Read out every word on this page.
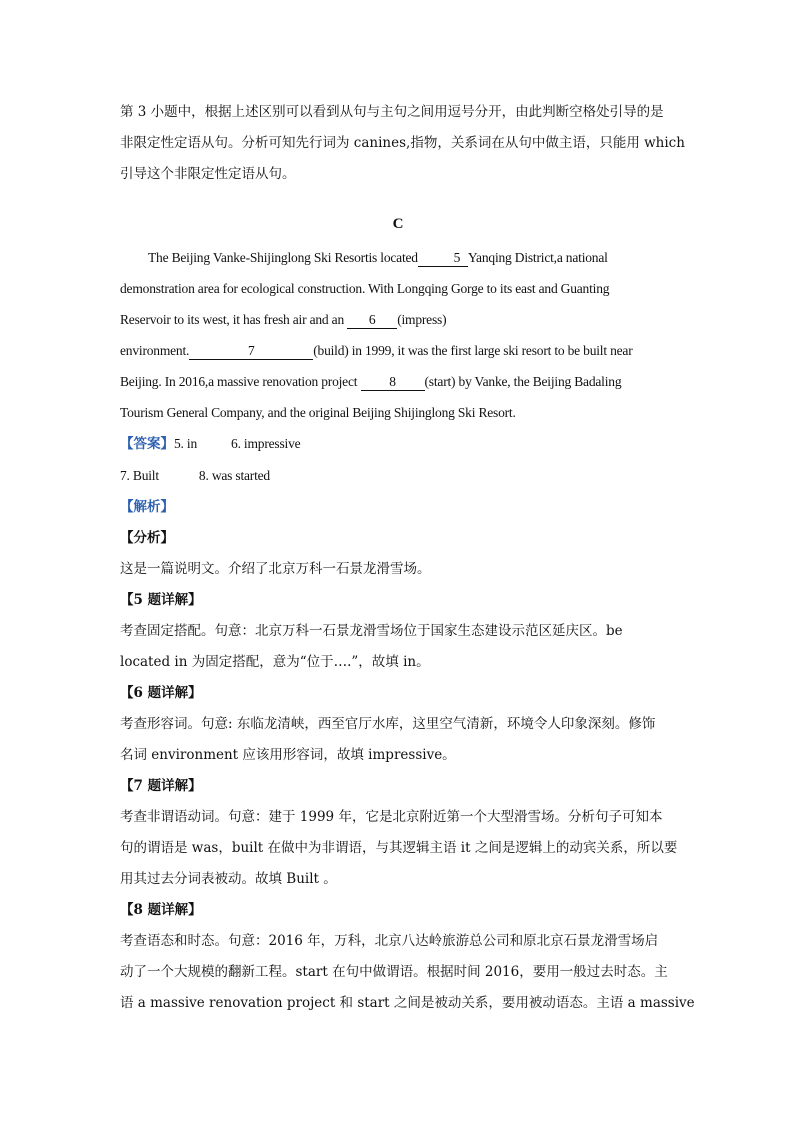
第 3 小题中，根据上述区别可以看到从句与主句之间用逗号分开，由此判断空格处引导的是

非限定性定语从句。分析可知先行词为 canines,指物，关系词在从句中做主语，只能用 which

引导这个非限定性定语从句。

C

The Beijing Vanke-Shijinglong Ski Resortis located	5 Yanqing District,a national

demonstration area for ecological construction. With Longqing Gorge to its east and Guanting

Reservoir to its west, it has fresh air and an 6 (impress)

environment.	7	(build) in 1999, it was the first large ski resort to be built near

Beijing. In 2016,a massive renovation project 8 (start) by Vanke, the Beijing Badaling

Tourism General Company, and the original Beijing Shijinglong Ski Resort.

【答案】5. in	6. impressive

7. Built	8. was started

【解析】

【分析】

这是一篇说明文。介绍了北京万科一石景龙滑雪场。

【5 题详解】

考查固定搭配。句意：北京万科一石景龙滑雪场位于国家生态建设示范区延庆区。be

located in 为固定搭配，意为“位于….”，故填 in。

【6 题详解】

考查形容词。句意: 东临龙清峡，西至官厅水库，这里空气清新，环境令人印象深刻。修饰

名词 environment 应该用形容词，故填 impressive。

【7 题详解】

考查非谓语动词。句意：建于 1999 年，它是北京附近第一个大型滑雪场。分析句子可知本

句的谓语是 was，built 在做中为非谓语，与其逻辑主语 it 之间是逻辑上的动宾关系，所以要

用其过去分词表被动。故填 Built 。

【8 题详解】

考查语态和时态。句意：2016 年，万科，北京八达岭旅游总公司和原北京石景龙滑雪场启

动了一个大规模的翻新工程。start 在句中做谓语。根据时间 2016，要用一般过去时态。主

语 a massive renovation project 和 start 之间是被动关系，要用被动语态。主语 a massive
